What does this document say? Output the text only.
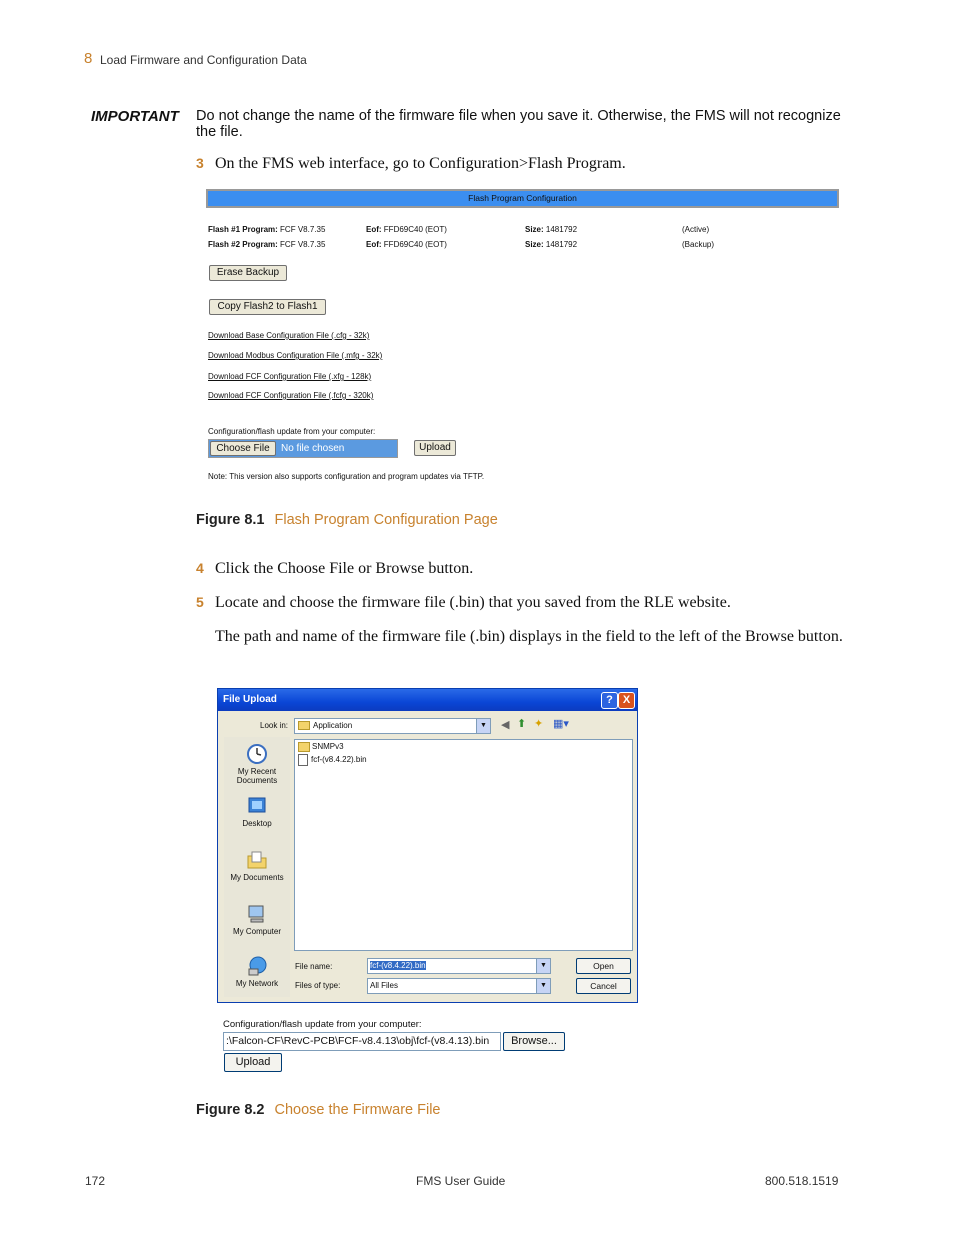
8 Load Firmware and Configuration Data
IMPORTANT Do not change the name of the firmware file when you save it. Otherwise, the FMS will not recognize the file.
3 On the FMS web interface, go to Configuration>Flash Program.
Flash Program Configuration
Flash #1 Program: FCF V8.7.35	Eof: FFD69C40 (EOT)	Size: 1481792	(Active)
Flash #2 Program: FCF V8.7.35	Eof: FFD69C40 (EOT)	Size: 1481792	(Backup)
Erase Backup
Copy Flash2 to Flash1
Download Base Configuration File (.cfg - 32k)
Download Modbus Configuration File (.mfg - 32k)
Download FCF Configuration File (.xfg - 128k)
Download FCF Configuration File (.fcfg - 320k)
Configuration/flash update from your computer:
Choose File	No file chosen	Upload
Note: This version also supports configuration and program updates via TFTP.
Figure 8.1 Flash Program Configuration Page
4 Click the Choose File or Browse button.
5 Locate and choose the firmware file (.bin) that you saved from the RLE website.
The path and name of the firmware file (.bin) displays in the field to the left of the Browse button.
File Upload	? X
Look in:	Application	▼ ◀ ⬆ ✦ ▦▾
My Recent Documents
Desktop
My Documents
My Computer
My Network
SNMPv3
fcf-(v8.4.22).bin
File name:	fcf-(v8.4.22).bin	▼
Files of type:	All Files	▼
Open
Cancel
Configuration/flash update from your computer:
:\Falcon-CF\RevC-PCB\FCF-v8.4.13\obj\fcf-(v8.4.13).bin	Browse...
Upload
Figure 8.2 Choose the Firmware File
172	FMS User Guide	800.518.1519
